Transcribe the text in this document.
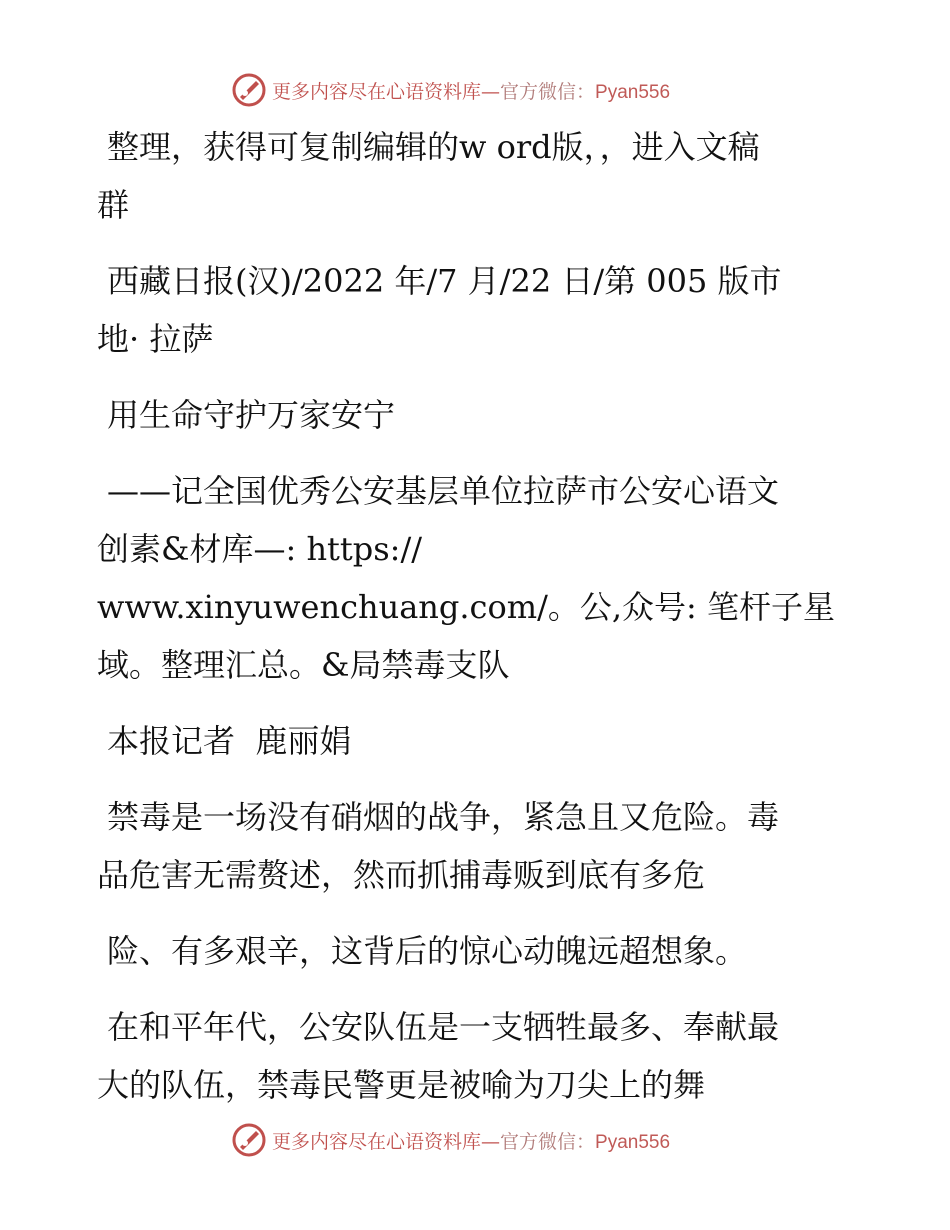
更多内容尽在心语资料库—官方微信：Pyan556
整理，获得可复制编辑的w ord版，，进入文稿
群
西藏日报(汉)/2022 年/7 月/22 日/第 005 版市
地· 拉萨
用生命守护万家安宁
——记全国优秀公安基层单位拉萨市公安心语文
创素&材库—: https://
www.xinyuwenchuang.com/。公,众号: 笔杆子星
域。整理汇总。&局禁毒支队
本报记者  鹿丽娟
禁毒是一场没有硝烟的战争，紧急且又危险。毒
品危害无需赘述，然而抓捕毒贩到底有多危
险、有多艰辛，这背后的惊心动魄远超想象。
在和平年代，公安队伍是一支牺牲最多、奉献最
大的队伍，禁毒民警更是被喻为刀尖上的舞
更多内容尽在心语资料库—官方微信：Pyan556
